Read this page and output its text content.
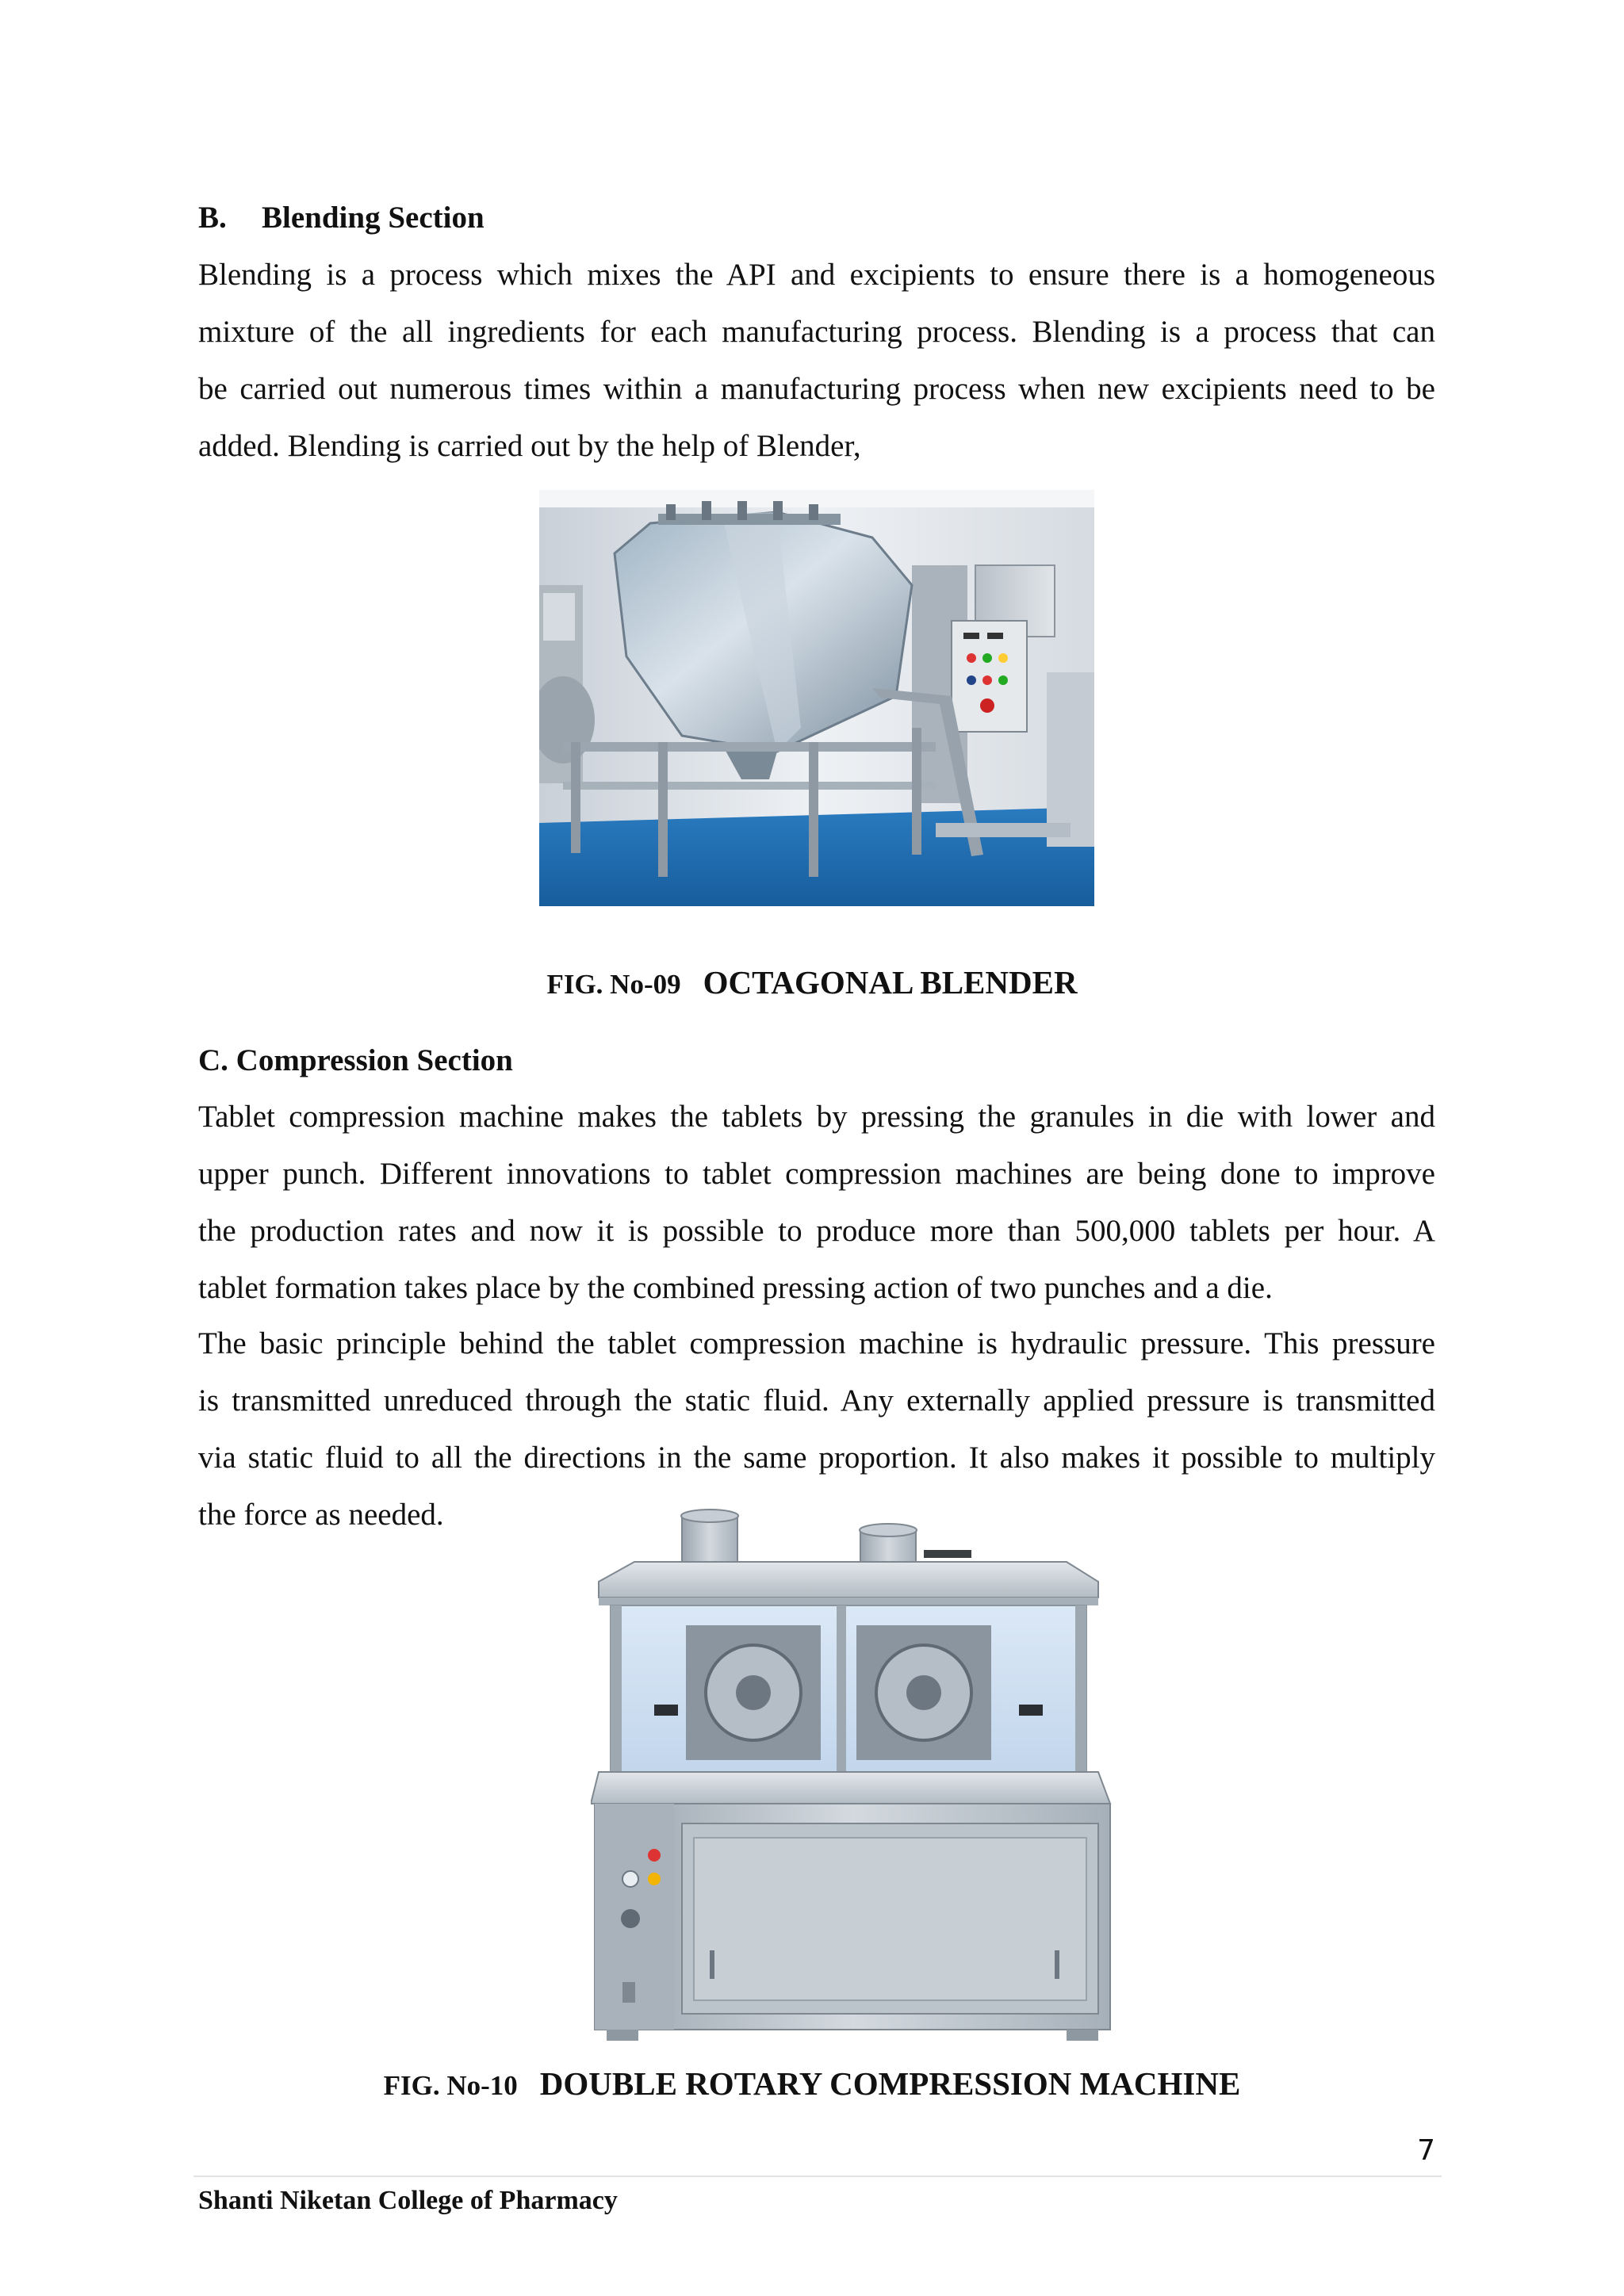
B. Blending Section

Blending is a process which mixes the API and excipients to ensure there is a homogeneous
mixture of the all ingredients for each manufacturing process. Blending is a process that can
be carried out numerous times within a manufacturing process when new excipients need to be
added. Blending is carried out by the help of Blender,

FIG. No-09 OCTAGONAL BLENDER

C. Compression Section

Tablet compression machine makes the tablets by pressing the granules in die with lower and
upper punch. Different innovations to tablet compression machines are being done to improve
the production rates and now it is possible to produce more than 500,000 tablets per hour. A
tablet formation takes place by the combined pressing action of two punches and a die.
The basic principle behind the tablet compression machine is hydraulic pressure. This pressure
is transmitted unreduced through the static fluid. Any externally applied pressure is transmitted
via static fluid to all the directions in the same proportion. It also makes it possible to multiply
the force as needed.

FIG. No-10 DOUBLE ROTARY COMPRESSION MACHINE

7

Shanti Niketan College of Pharmacy
